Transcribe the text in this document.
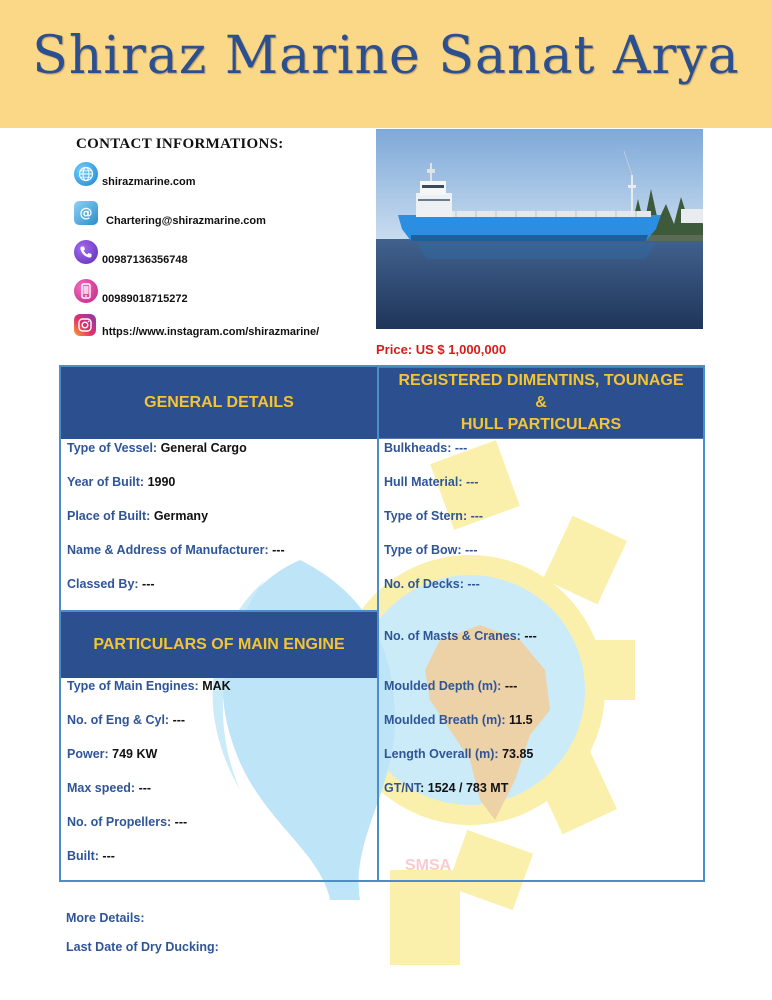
Shiraz Marine Sanat Arya
SMSA
CONTACT INFORMATIONS:
shirazmarine.com
@
Chartering@shirazmarine.com
00987136356748
00989018715272
https://www.instagram.com/shirazmarine/
Price: US $ 1,000,000
GENERAL DETAILS
REGISTERED DIMENTINS, TOUNAGE &
HULL PARTICULARS
Type of Vessel: General Cargo
Year of Built: 1990
Place of Built: Germany
Name & Address of Manufacturer: ---
Classed By: ---
PARTICULARS OF MAIN ENGINE
Type of Main Engines: MAK
No. of Eng & Cyl: ---
Power: 749 KW
Max speed: ---
No. of Propellers: ---
Built: ---
Bulkheads: ---
Hull Material: ---
Type of Stern: ---
Type of Bow: ---
No. of Decks: ---
No. of Masts & Cranes: ---
Moulded Depth (m): ---
Moulded Breath (m): 11.5
Length Overall (m): 73.85
GT/NT: 1524 / 783 MT
More Details:
Last Date of Dry Ducking:
